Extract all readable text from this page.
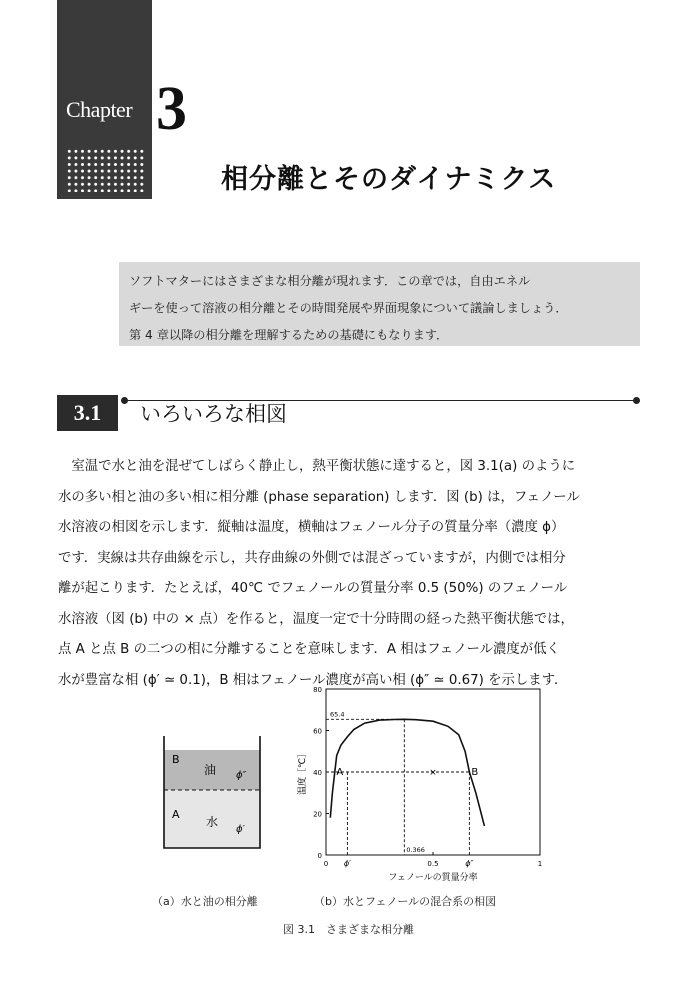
Chapter 3
相分離とそのダイナミクス

ソフトマターにはさまざまな相分離が現れます．この章では，自由エネル

ギーを使って溶液の相分離とその時間発展や界面現象について議論しましょう．

第 4 章以降の相分離を理解するための基礎にもなります．

3.1	いろいろな相図

室温で水と油を混ぜてしばらく静止し，熱平衡状態に達すると，図 3.1(a) のように

水の多い相と油の多い相に相分離 (phase separation) します．図 (b) は，フェノール

水溶液の相図を示します．縦軸は温度，横軸はフェノール分子の質量分率（濃度 ϕ）

です．実線は共存曲線を示し，共存曲線の外側では混ざっていますが，内側では相分

離が起こります．たとえば，40℃ でフェノールの質量分率 0.5 (50%) のフェノール

水溶液（図 (b) 中の × 点）を作ると，温度一定で十分時間の経った熱平衡状態では，

点 A と点 B の二つの相に分離することを意味します．A 相はフェノール濃度が低く

水が豊富な相 (ϕ′ ≃ 0.1)，B 相はフェノール濃度が高い相 (ϕ″ ≃ 0.67) を示します．

B
油 ϕ″
A
水
ϕ′
0
20
40
60
80
0	0.5	1
ϕ′	ϕ″
フェノールの質量分率
温度［℃］
65.4
0.366
A	B
×
（a）水と油の相分離	（b）水とフェノールの混合系の相図
図 3.1　さまざまな相分離
